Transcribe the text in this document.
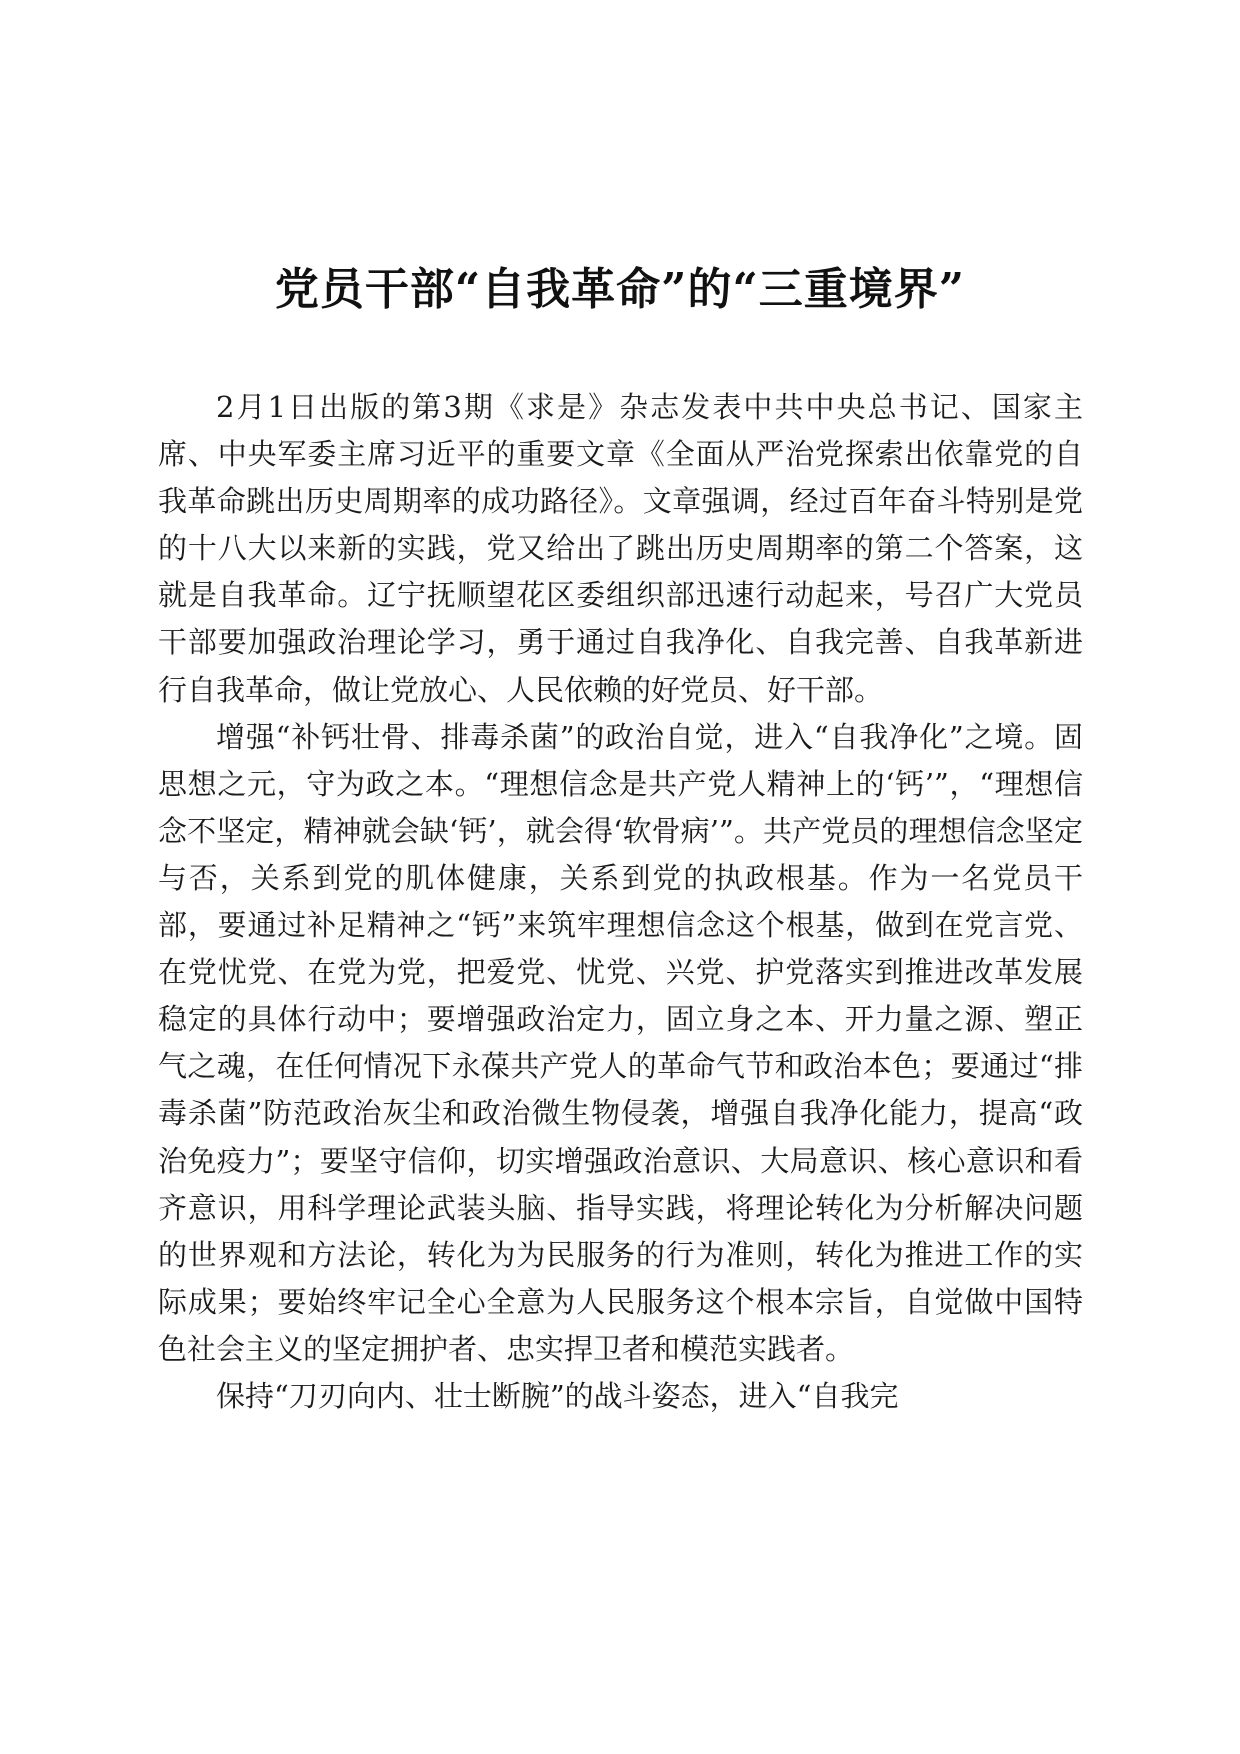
党员干部“自我革命”的“三重境界”

2月1日出版的第3期《求是》杂志发表中共中央总书记、国家主席、中央军委主席习近平的重要文章《全面从严治党探索出依靠党的自我革命跳出历史周期率的成功路径》。文章强调，经过百年奋斗特别是党的十八大以来新的实践，党又给出了跳出历史周期率的第二个答案，这就是自我革命。辽宁抚顺望花区委组织部迅速行动起来，号召广大党员干部要加强政治理论学习，勇于通过自我净化、自我完善、自我革新进行自我革命，做让党放心、人民依赖的好党员、好干部。

增强“补钙壮骨、排毒杀菌”的政治自觉，进入“自我净化”之境。固思想之元，守为政之本。“理想信念是共产党人精神上的‘钙’”，“理想信念不坚定，精神就会缺‘钙’，就会得‘软骨病’”。共产党员的理想信念坚定与否，关系到党的肌体健康，关系到党的执政根基。作为一名党员干部，要通过补足精神之“钙”来筑牢理想信念这个根基，做到在党言党、在党忧党、在党为党，把爱党、忧党、兴党、护党落实到推进改革发展稳定的具体行动中；要增强政治定力，固立身之本、开力量之源、塑正气之魂，在任何情况下永葆共产党人的革命气节和政治本色；要通过“排毒杀菌”防范政治灰尘和政治微生物侵袭，增强自我净化能力，提高“政治免疫力”；要坚守信仰，切实增强政治意识、大局意识、核心意识和看齐意识，用科学理论武装头脑、指导实践，将理论转化为分析解决问题的世界观和方法论，转化为为民服务的行为准则，转化为推进工作的实际成果；要始终牢记全心全意为人民服务这个根本宗旨，自觉做中国特色社会主义的坚定拥护者、忠实捍卫者和模范实践者。

保持“刀刃向内、壮士断腕”的战斗姿态，进入“自我完
